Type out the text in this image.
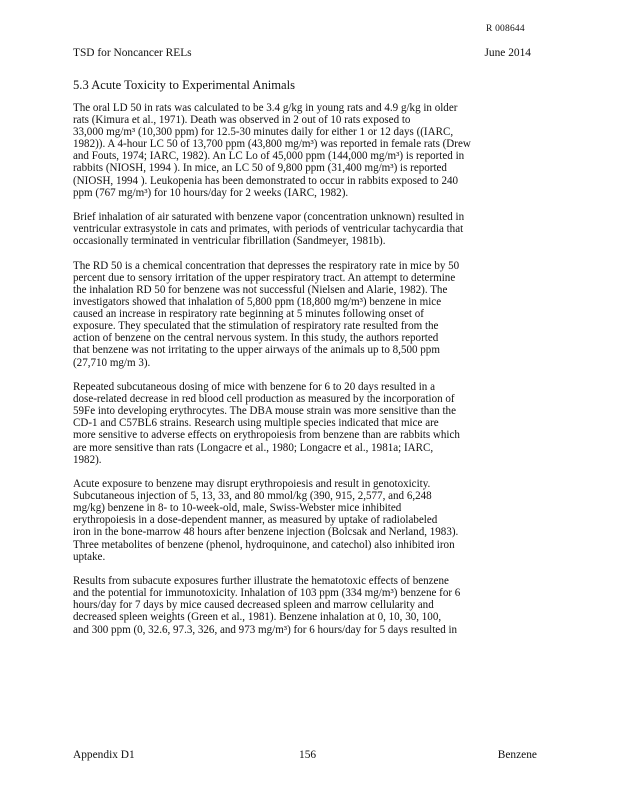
R 008644
TSD for Noncancer RELs	June 2014
5.3 Acute Toxicity to Experimental Animals
The oral LD 50 in rats was calculated to be 3.4 g/kg in young rats and 4.9 g/kg in older
rats (Kimura et al., 1971). Death was observed in 2 out of 10 rats exposed to
33,000 mg/m³ (10,300 ppm) for 12.5-30 minutes daily for either 1 or 12 days ((IARC,
1982)). A 4-hour LC 50 of 13,700 ppm (43,800 mg/m³) was reported in female rats (Drew
and Fouts, 1974; IARC, 1982). An LC Lo of 45,000 ppm (144,000 mg/m³) is reported in
rabbits (NIOSH, 1994 ). In mice, an LC 50 of 9,800 ppm (31,400 mg/m³) is reported
(NIOSH, 1994 ). Leukopenia has been demonstrated to occur in rabbits exposed to 240
ppm (767 mg/m³) for 10 hours/day for 2 weeks (IARC, 1982).
Brief inhalation of air saturated with benzene vapor (concentration unknown) resulted in
ventricular extrasystole in cats and primates, with periods of ventricular tachycardia that
occasionally terminated in ventricular fibrillation (Sandmeyer, 1981b).
The RD 50 is a chemical concentration that depresses the respiratory rate in mice by 50
percent due to sensory irritation of the upper respiratory tract. An attempt to determine
the inhalation RD 50 for benzene was not successful (Nielsen and Alarie, 1982). The
investigators showed that inhalation of 5,800 ppm (18,800 mg/m³) benzene in mice
caused an increase in respiratory rate beginning at 5 minutes following onset of
exposure. They speculated that the stimulation of respiratory rate resulted from the
action of benzene on the central nervous system. In this study, the authors reported
that benzene was not irritating to the upper airways of the animals up to 8,500 ppm
(27,710 mg/m 3).
Repeated subcutaneous dosing of mice with benzene for 6 to 20 days resulted in a
dose-related decrease in red blood cell production as measured by the incorporation of
59Fe into developing erythrocytes. The DBA mouse strain was more sensitive than the
CD-1 and C57BL6 strains. Research using multiple species indicated that mice are
more sensitive to adverse effects on erythropoiesis from benzene than are rabbits which
are more sensitive than rats (Longacre et al., 1980; Longacre et al., 1981a; IARC,
1982).
Acute exposure to benzene may disrupt erythropoiesis and result in genotoxicity.
Subcutaneous injection of 5, 13, 33, and 80 mmol/kg (390, 915, 2,577, and 6,248
mg/kg) benzene in 8- to 10-week-old, male, Swiss-Webster mice inhibited
erythropoiesis in a dose-dependent manner, as measured by uptake of radiolabeled
iron in the bone-marrow 48 hours after benzene injection (Bolcsak and Nerland, 1983).
Three metabolites of benzene (phenol, hydroquinone, and catechol) also inhibited iron
uptake.
Results from subacute exposures further illustrate the hematotoxic effects of benzene
and the potential for immunotoxicity. Inhalation of 103 ppm (334 mg/m³) benzene for 6
hours/day for 7 days by mice caused decreased spleen and marrow cellularity and
decreased spleen weights (Green et al., 1981). Benzene inhalation at 0, 10, 30, 100,
and 300 ppm (0, 32.6, 97.3, 326, and 973 mg/m³) for 6 hours/day for 5 days resulted in
Appendix D1	156	Benzene
